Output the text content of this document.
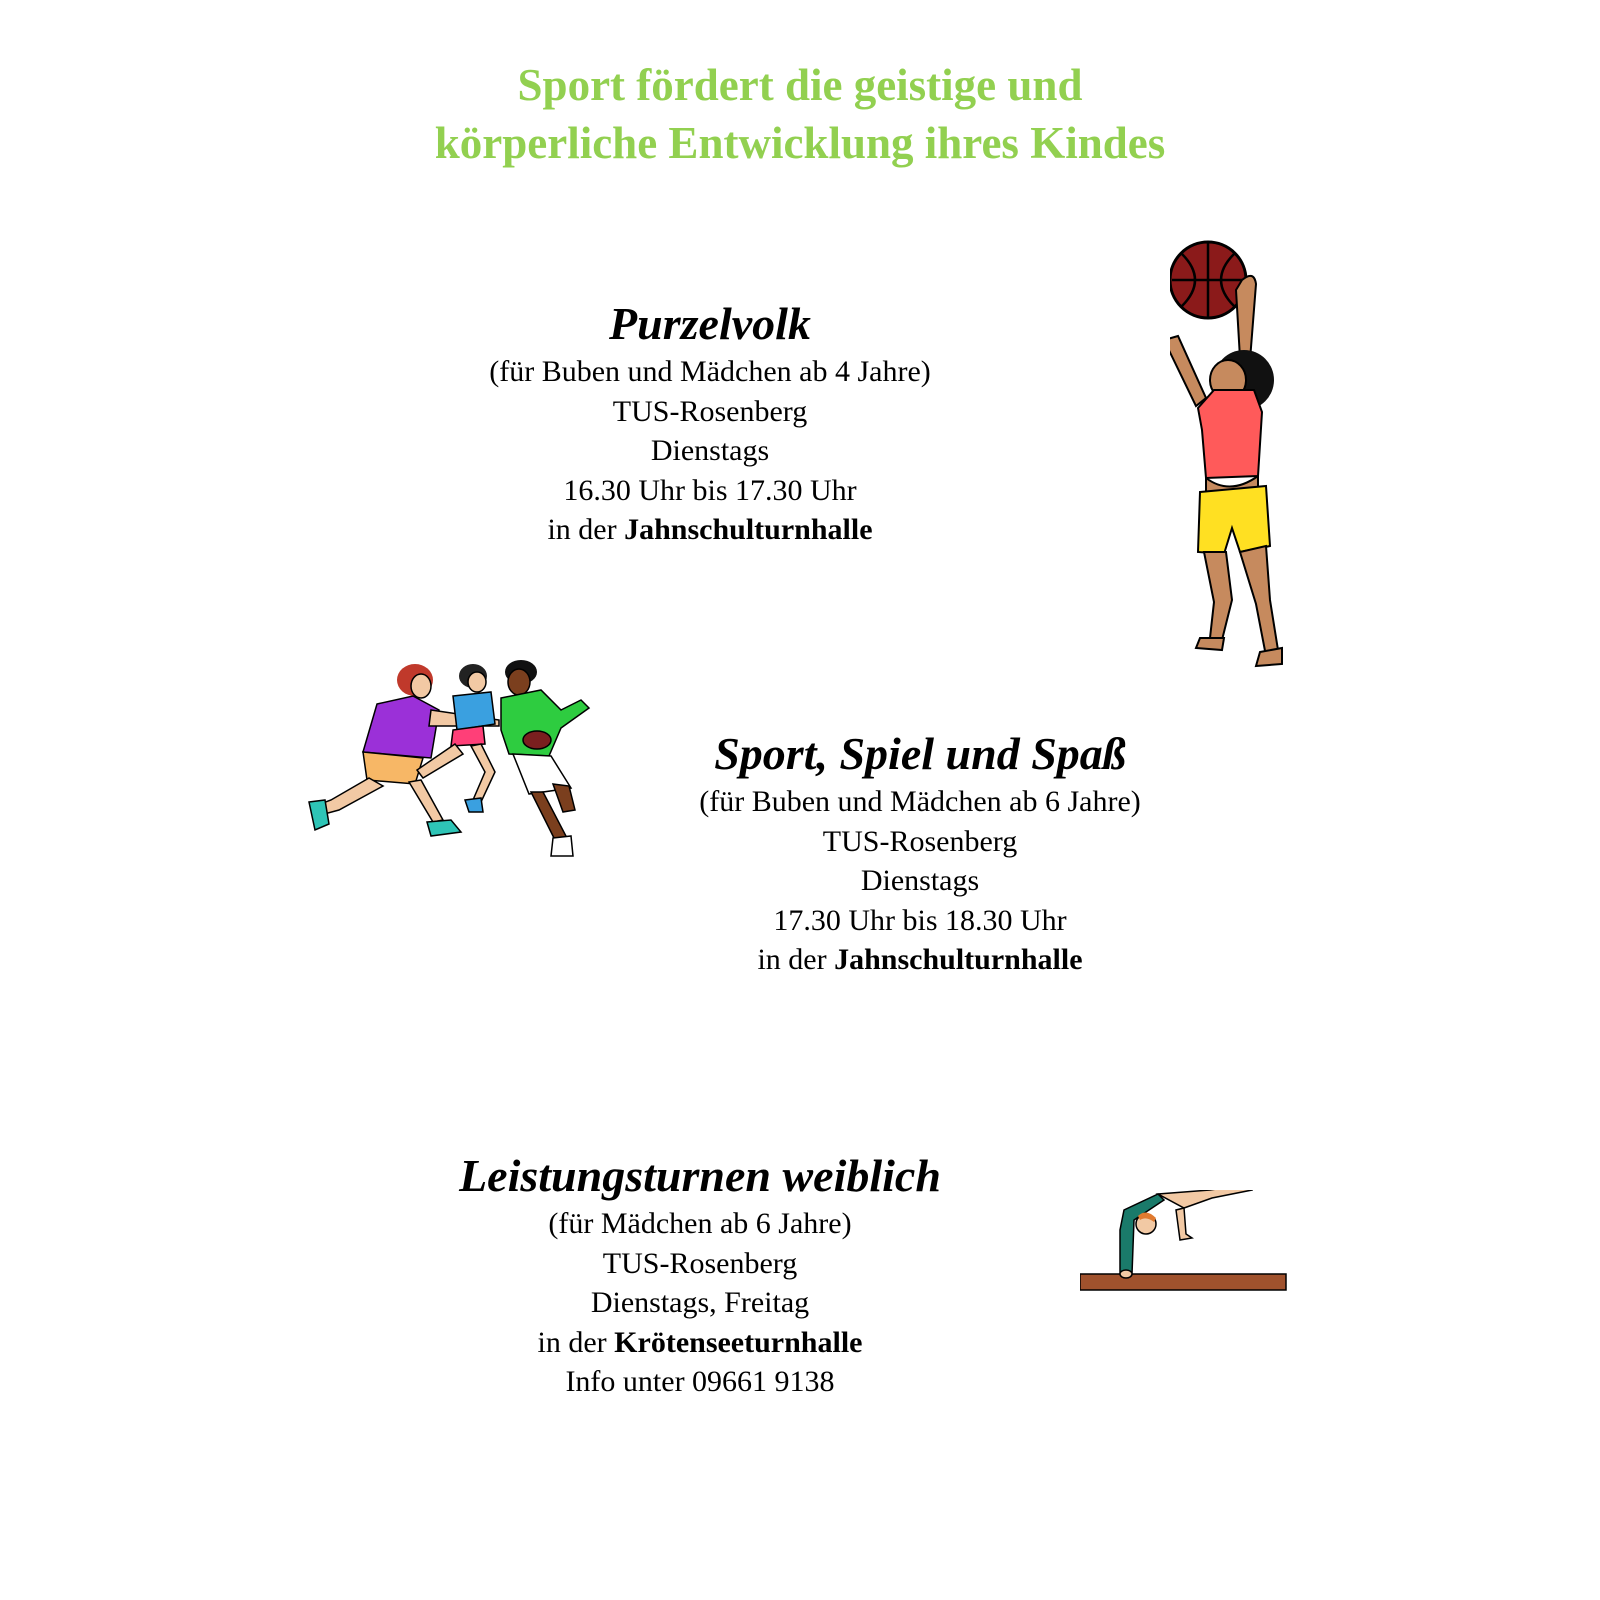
Sport fördert die geistige und
körperliche Entwicklung ihres Kindes
Purzelvolk
(für Buben und Mädchen ab 4 Jahre)
TUS-Rosenberg
Dienstags
16.30 Uhr bis 17.30 Uhr
in der Jahnschulturnhalle
Sport, Spiel und Spaß
(für Buben und Mädchen ab 6 Jahre)
TUS-Rosenberg
Dienstags
17.30 Uhr bis 18.30 Uhr
in der Jahnschulturnhalle
Leistungsturnen weiblich
(für Mädchen ab 6 Jahre)
TUS-Rosenberg
Dienstags, Freitag
in der Krötenseeturnhalle
Info unter 09661 9138
